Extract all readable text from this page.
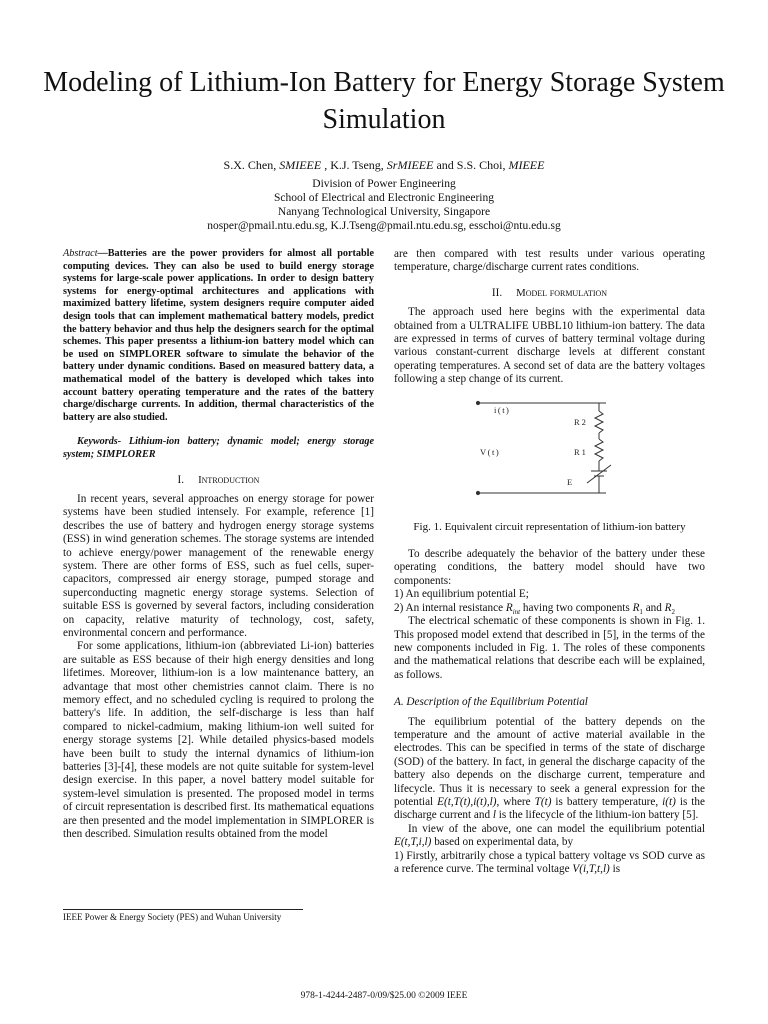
Modeling of Lithium-Ion Battery for Energy Storage System Simulation
S.X. Chen, SMIEEE , K.J. Tseng, SrMIEEE and S.S. Choi, MIEEE
Division of Power Engineering
School of Electrical and Electronic Engineering
Nanyang Technological University, Singapore
nosper@pmail.ntu.edu.sg, K.J.Tseng@pmail.ntu.edu.sg, esschoi@ntu.edu.sg

Abstract—Batteries are the power providers for almost all portable computing devices. They can also be used to build energy storage systems for large-scale power applications. In order to design battery systems for energy-optimal architectures and applications with maximized battery lifetime, system designers require computer aided design tools that can implement mathematical battery models, predict the battery behavior and thus help the designers search for the optimal schemes. This paper presentss a lithium-ion battery model which can be used on SIMPLORER software to simulate the behavior of the battery under dynamic conditions. Based on measured battery data, a mathematical model of the battery is developed which takes into account battery operating temperature and the rates of the battery charge/discharge currents. In addition, thermal characteristics of the battery are also studied.

Keywords- Lithium-ion battery; dynamic model; energy storage system; SIMPLORER

I. Introduction

In recent years, several approaches on energy storage for power systems have been studied intensely. For example, reference [1] describes the use of battery and hydrogen energy storage systems (ESS) in wind generation schemes. The storage systems are intended to achieve energy/power management of the renewable energy system. There are other forms of ESS, such as fuel cells, super-capacitors, compressed air energy storage, pumped storage and superconducting magnetic energy storage systems. Selection of suitable ESS is governed by several factors, including consideration on capacity, relative maturity of technology, cost, safety, environmental concern and performance.

For some applications, lithium-ion (abbreviated Li-ion) batteries are suitable as ESS because of their high energy densities and long lifetimes. Moreover, lithium-ion is a low maintenance battery, an advantage that most other chemistries cannot claim. There is no memory effect, and no scheduled cycling is required to prolong the battery's life. In addition, the self-discharge is less than half compared to nickel-cadmium, making lithium-ion well suited for energy storage systems [2]. While detailed physics-based models have been built to study the internal dynamics of lithium-ion batteries [3]-[4], these models are not quite suitable for system-level design exercise. In this paper, a novel battery model suitable for system-level simulation is presented. The proposed model in terms of circuit representation is described first. Its mathematical equations are then presented and the model implementation in SIMPLORER is then described. Simulation results obtained from the model

are then compared with test results under various operating temperature, charge/discharge current rates conditions.

II. Model formulation

The approach used here begins with the experimental data obtained from a ULTRALIFE UBBL10 lithium-ion battery. The data are expressed in terms of curves of battery terminal voltage during various constant-current discharge levels at different constant operating temperatures. A second set of data are the battery voltages following a step change of its current.

i(t)
V(t)
R2
R1
E

Fig. 1. Equivalent circuit representation of lithium-ion battery

To describe adequately the behavior of the battery under these operating conditions, the battery model should have two components:

1) An equilibrium potential E;

2) An internal resistance $R_{int}$ having two components $R_1$ and $R_2$

The electrical schematic of these components is shown in Fig. 1. This proposed model extend that described in [5], in the terms of the new components included in Fig. 1. The roles of these components and the mathematical relations that describe each will be explained, as follows.

A. Description of the Equilibrium Potential

The equilibrium potential of the battery depends on the temperature and the amount of active material available in the electrodes. This can be specified in terms of the state of discharge (SOD) of the battery. In fact, in general the discharge capacity of the battery also depends on the discharge current, temperature and lifecycle. Thus it is necessary to seek a general expression for the potential E(t,T(t),i(t),l), where T(t) is battery temperature, i(t) is the discharge current and l is the lifecycle of the lithium-ion battery [5].

In view of the above, one can model the equilibrium potential E(t,T,i,l) based on experimental data, by

1) Firstly, arbitrarily chose a typical battery voltage vs SOD curve as a reference curve. The terminal voltage V(i,T,t,l) is

IEEE Power & Energy Society (PES) and Wuhan University
978-1-4244-2487-0/09/$25.00 ©2009 IEEE
